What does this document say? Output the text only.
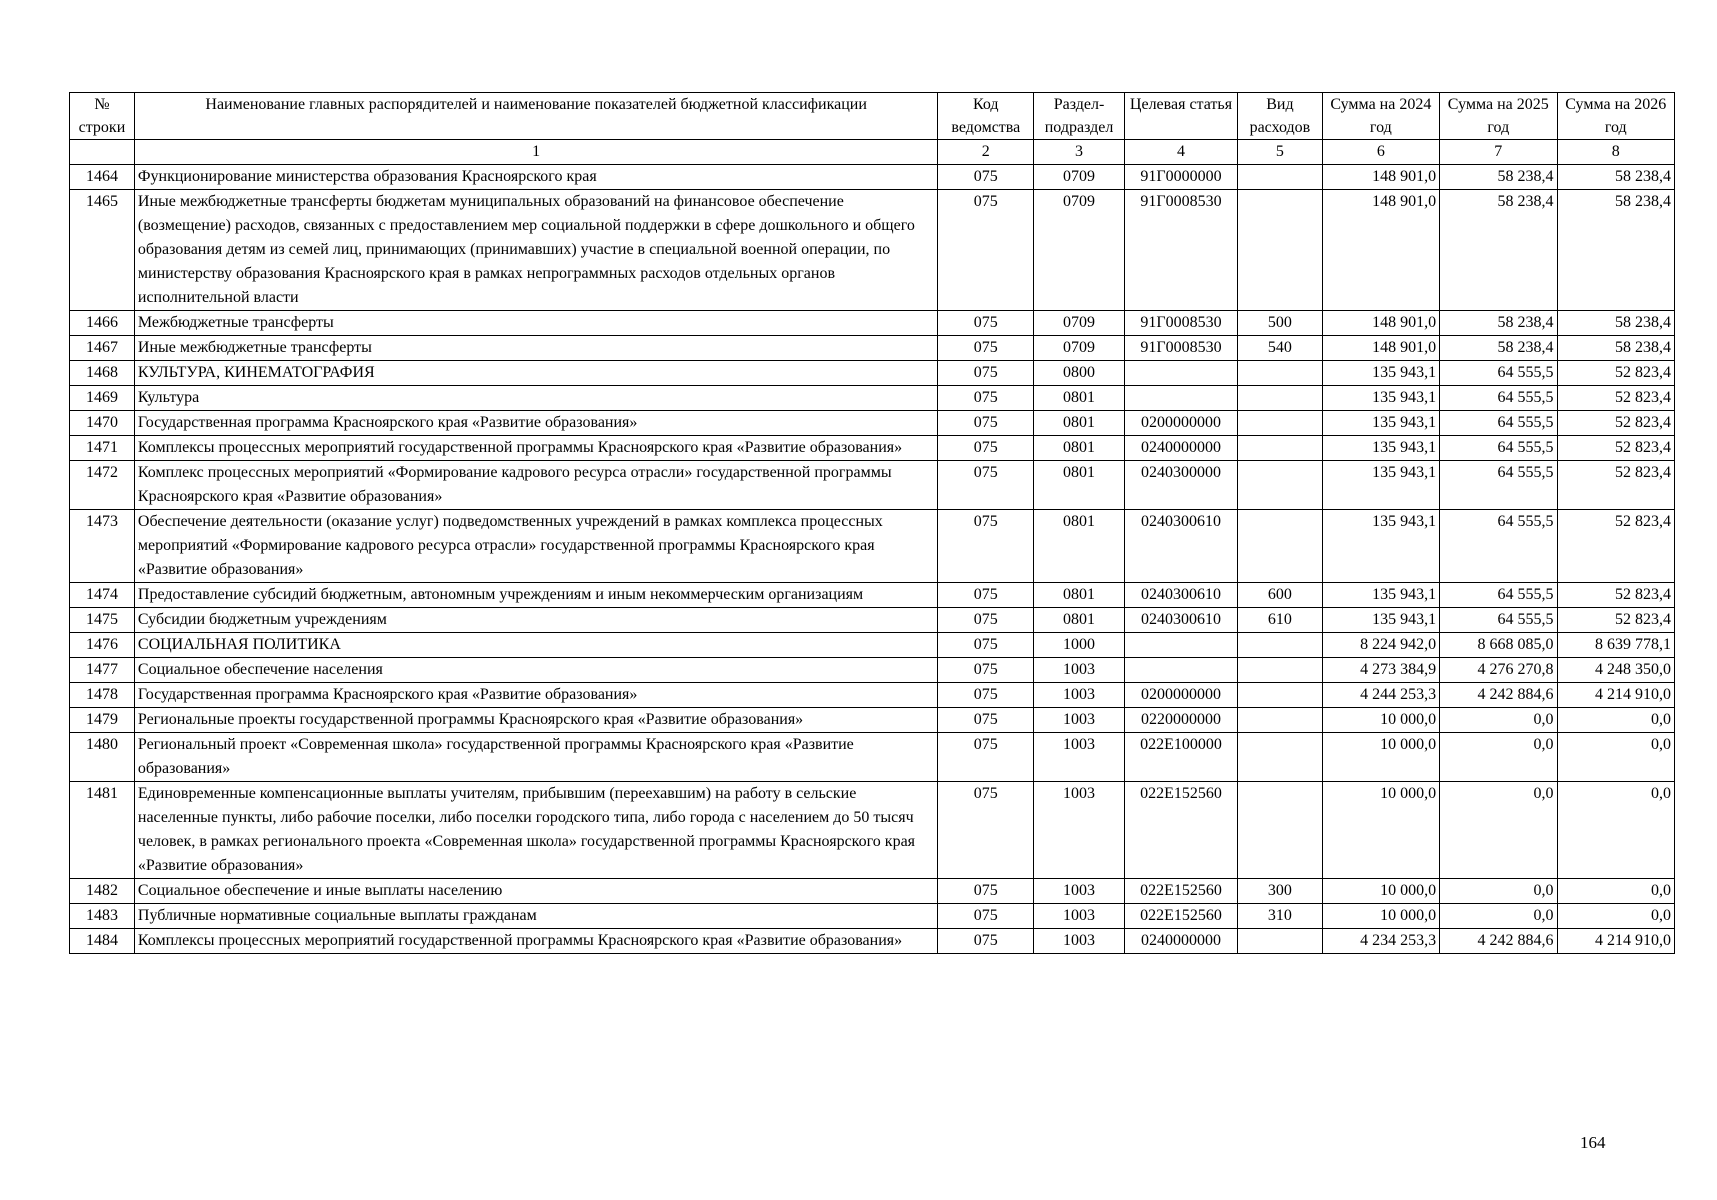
№ строки	Наименование главных распорядителей и наименование показателей бюджетной классификации	Код ведомства	Раздел-подраздел	Целевая статья	Вид расходов	Сумма на 2024 год	Сумма на 2025 год	Сумма на 2026 год
	1	2	3	4	5	6	7	8
1464	Функционирование министерства образования Красноярского края	075	0709	91Г0000000		148 901,0	58 238,4	58 238,4
1465	Иные межбюджетные трансферты бюджетам муниципальных образований на финансовое обеспечение (возмещение) расходов, связанных с предоставлением мер социальной поддержки в сфере дошкольного и общего образования детям из семей лиц, принимающих (принимавших) участие в специальной военной операции, по министерству образования Красноярского края в рамках непрограммных расходов отдельных органов исполнительной власти	075	0709	91Г0008530		148 901,0	58 238,4	58 238,4
1466	Межбюджетные трансферты	075	0709	91Г0008530	500	148 901,0	58 238,4	58 238,4
1467	Иные межбюджетные трансферты	075	0709	91Г0008530	540	148 901,0	58 238,4	58 238,4
1468	КУЛЬТУРА, КИНЕМАТОГРАФИЯ	075	0800			135 943,1	64 555,5	52 823,4
1469	Культура	075	0801			135 943,1	64 555,5	52 823,4
1470	Государственная программа Красноярского края «Развитие образования»	075	0801	0200000000		135 943,1	64 555,5	52 823,4
1471	Комплексы процессных мероприятий государственной программы Красноярского края «Развитие образования»	075	0801	0240000000		135 943,1	64 555,5	52 823,4
1472	Комплекс процессных мероприятий «Формирование кадрового ресурса отрасли» государственной программы Красноярского края «Развитие образования»	075	0801	0240300000		135 943,1	64 555,5	52 823,4
1473	Обеспечение деятельности (оказание услуг) подведомственных учреждений в рамках комплекса процессных мероприятий «Формирование кадрового ресурса отрасли» государственной программы Красноярского края «Развитие образования»	075	0801	0240300610		135 943,1	64 555,5	52 823,4
1474	Предоставление субсидий бюджетным, автономным учреждениям и иным некоммерческим организациям	075	0801	0240300610	600	135 943,1	64 555,5	52 823,4
1475	Субсидии бюджетным учреждениям	075	0801	0240300610	610	135 943,1	64 555,5	52 823,4
1476	СОЦИАЛЬНАЯ ПОЛИТИКА	075	1000			8 224 942,0	8 668 085,0	8 639 778,1
1477	Социальное обеспечение населения	075	1003			4 273 384,9	4 276 270,8	4 248 350,0
1478	Государственная программа Красноярского края «Развитие образования»	075	1003	0200000000		4 244 253,3	4 242 884,6	4 214 910,0
1479	Региональные проекты государственной программы Красноярского края «Развитие образования»	075	1003	0220000000		10 000,0	0,0	0,0
1480	Региональный проект «Современная школа» государственной программы Красноярского края «Развитие образования»	075	1003	022Е100000		10 000,0	0,0	0,0
1481	Единовременные компенсационные выплаты учителям, прибывшим (переехавшим) на работу в сельские населенные пункты, либо рабочие поселки, либо поселки городского типа, либо города с населением до 50 тысяч человек, в рамках регионального проекта «Современная школа» государственной программы Красноярского края «Развитие образования»	075	1003	022Е152560		10 000,0	0,0	0,0
1482	Социальное обеспечение и иные выплаты населению	075	1003	022Е152560	300	10 000,0	0,0	0,0
1483	Публичные нормативные социальные выплаты гражданам	075	1003	022Е152560	310	10 000,0	0,0	0,0
1484	Комплексы процессных мероприятий государственной программы Красноярского края «Развитие образования»	075	1003	0240000000		4 234 253,3	4 242 884,6	4 214 910,0
164
